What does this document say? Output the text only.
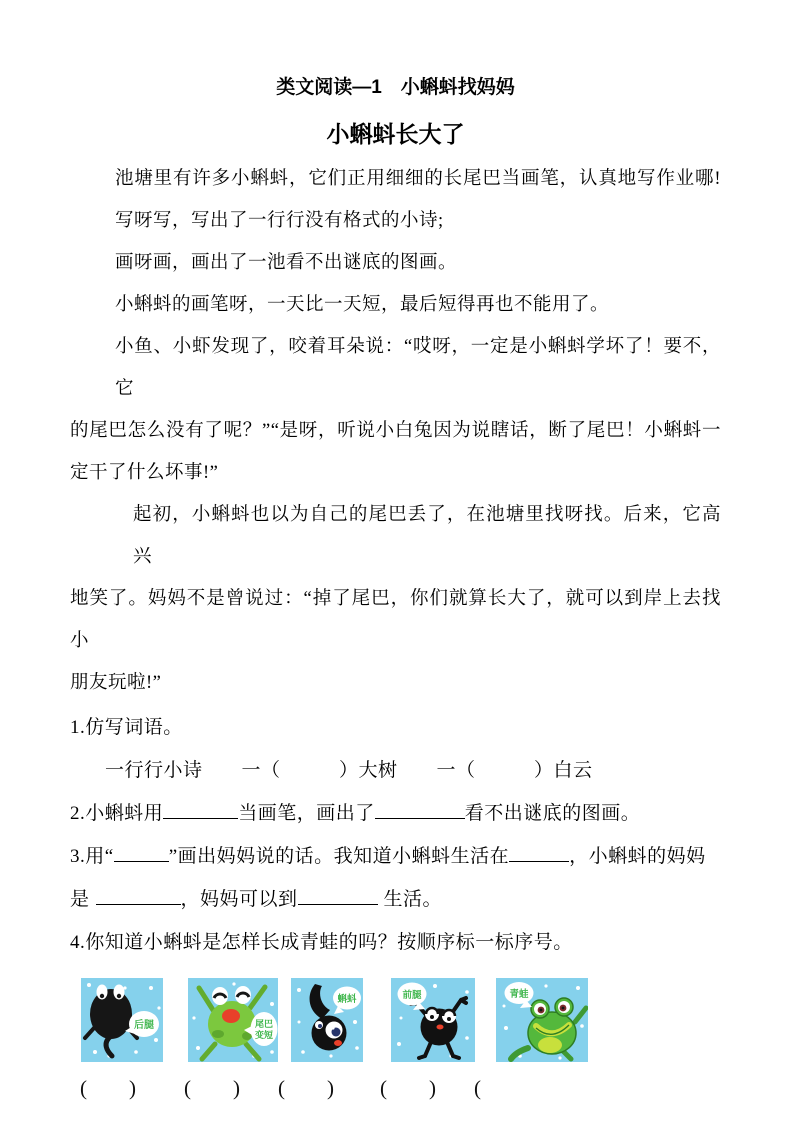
类文阅读—1　小蝌蚪找妈妈
小蝌蚪长大了
池塘里有许多小蝌蚪，它们正用细细的长尾巴当画笔，认真地写作业哪!
写呀写，写出了一行行没有格式的小诗;
画呀画，画出了一池看不出谜底的图画。
小蝌蚪的画笔呀，一天比一天短，最后短得再也不能用了。
小鱼、小虾发现了，咬着耳朵说：“哎呀，一定是小蝌蚪学坏了！要不，它
的尾巴怎么没有了呢？”“是呀，听说小白兔因为说瞎话，断了尾巴！小蝌蚪一
定干了什么坏事!”
起初，小蝌蚪也以为自己的尾巴丢了，在池塘里找呀找。后来，它高兴
地笑了。妈妈不是曾说过：“掉了尾巴，你们就算长大了，就可以到岸上去找小
朋友玩啦!”
1.仿写词语。
一行行小诗　　一（　　　）大树　　一（　　　）白云
2.小蝌蚪用	当画笔，画出了	看不出谜底的图画。
3.用“	”画出妈妈说的话。我知道小蝌蚪生活在	，小蝌蚪的妈妈
是	，妈妈可以到	生活。
4.你知道小蝌蚪是怎样长成青蛙的吗？按顺序标一标序号。
后腿	尾巴
变短
蝌蚪	前腿	青蛙
( ) ( ) ( ) ( ) (
